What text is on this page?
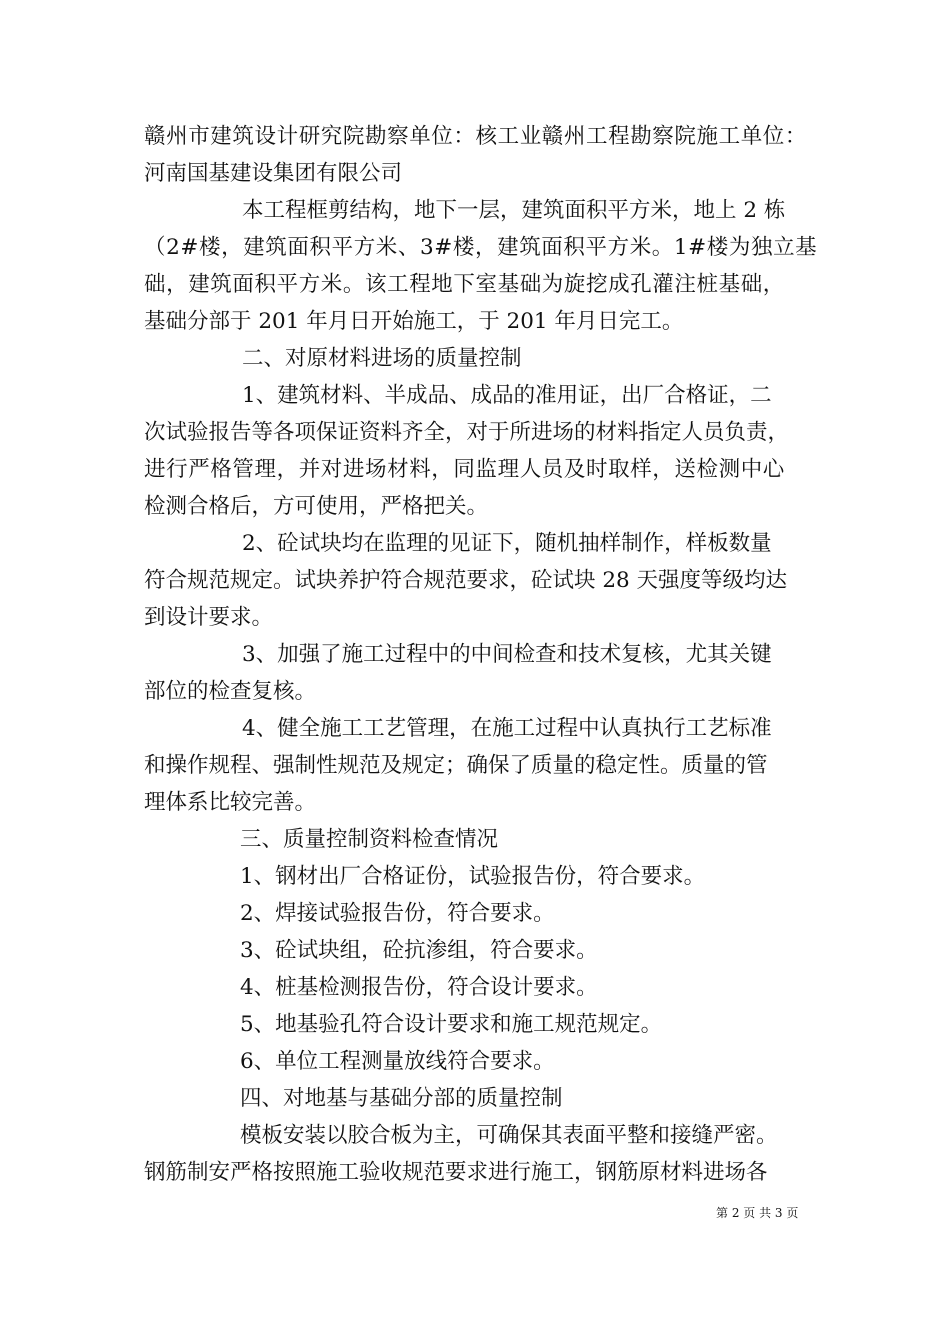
赣州市建筑设计研究院勘察单位：核工业赣州工程勘察院施工单位：
河南国基建设集团有限公司
本工程框剪结构，地下一层，建筑面积平方米，地上 2 栋
（2#楼，建筑面积平方米、3#楼，建筑面积平方米。1#楼为独立基
础，建筑面积平方米。该工程地下室基础为旋挖成孔灌注桩基础，
基础分部于 201 年月日开始施工，于 201 年月日完工。
二、对原材料进场的质量控制
1、建筑材料、半成品、成品的准用证，出厂合格证，二
次试验报告等各项保证资料齐全，对于所进场的材料指定人员负责，
进行严格管理，并对进场材料，同监理人员及时取样，送检测中心
检测合格后，方可使用，严格把关。
2、砼试块均在监理的见证下，随机抽样制作，样板数量
符合规范规定。试块养护符合规范要求，砼试块 28 天强度等级均达
到设计要求。
3、加强了施工过程中的中间检查和技术复核，尤其关键
部位的检查复核。
4、健全施工工艺管理，在施工过程中认真执行工艺标准
和操作规程、强制性规范及规定；确保了质量的稳定性。质量的管
理体系比较完善。
三、质量控制资料检查情况
1、钢材出厂合格证份，试验报告份，符合要求。
2、焊接试验报告份，符合要求。
3、砼试块组，砼抗渗组，符合要求。
4、桩基检测报告份，符合设计要求。
5、地基验孔符合设计要求和施工规范规定。
6、单位工程测量放线符合要求。
四、对地基与基础分部的质量控制
模板安装以胶合板为主，可确保其表面平整和接缝严密。
钢筋制安严格按照施工验收规范要求进行施工，钢筋原材料进场各
第 2 页 共 3 页
